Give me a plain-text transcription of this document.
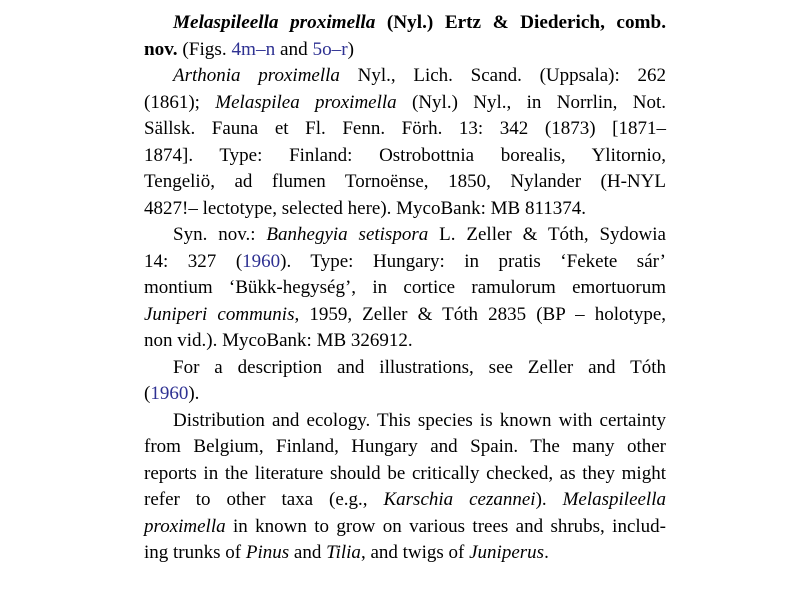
Melaspileella proximella (Nyl.) Ertz & Diederich, comb.
nov. (Figs. 4m–n and 5o–r)
Arthonia proximella Nyl., Lich. Scand. (Uppsala): 262
(1861); Melaspilea proximella (Nyl.) Nyl., in Norrlin, Not.
Sällsk. Fauna et Fl. Fenn. Förh. 13: 342 (1873) [1871–
1874]. Type: Finland: Ostrobottnia borealis, Ylitornio,
Tengeliö, ad flumen Tornoënse, 1850, Nylander (H-NYL
4827!– lectotype, selected here). MycoBank: MB 811374.
Syn. nov.: Banhegyia setispora L. Zeller & Tóth, Sydowia
14: 327 (1960). Type: Hungary: in pratis ‘Fekete sár’
montium ‘Bükk-hegység’, in cortice ramulorum emortuorum
Juniperi communis, 1959, Zeller & Tóth 2835 (BP – holotype,
non vid.). MycoBank: MB 326912.
For a description and illustrations, see Zeller and Tóth
(1960).
Distribution and ecology. This species is known with certainty
from Belgium, Finland, Hungary and Spain. The many other
reports in the literature should be critically checked, as they might
refer to other taxa (e.g., Karschia cezannei). Melaspileella
proximella in known to grow on various trees and shrubs, includ-
ing trunks of Pinus and Tilia, and twigs of Juniperus.
